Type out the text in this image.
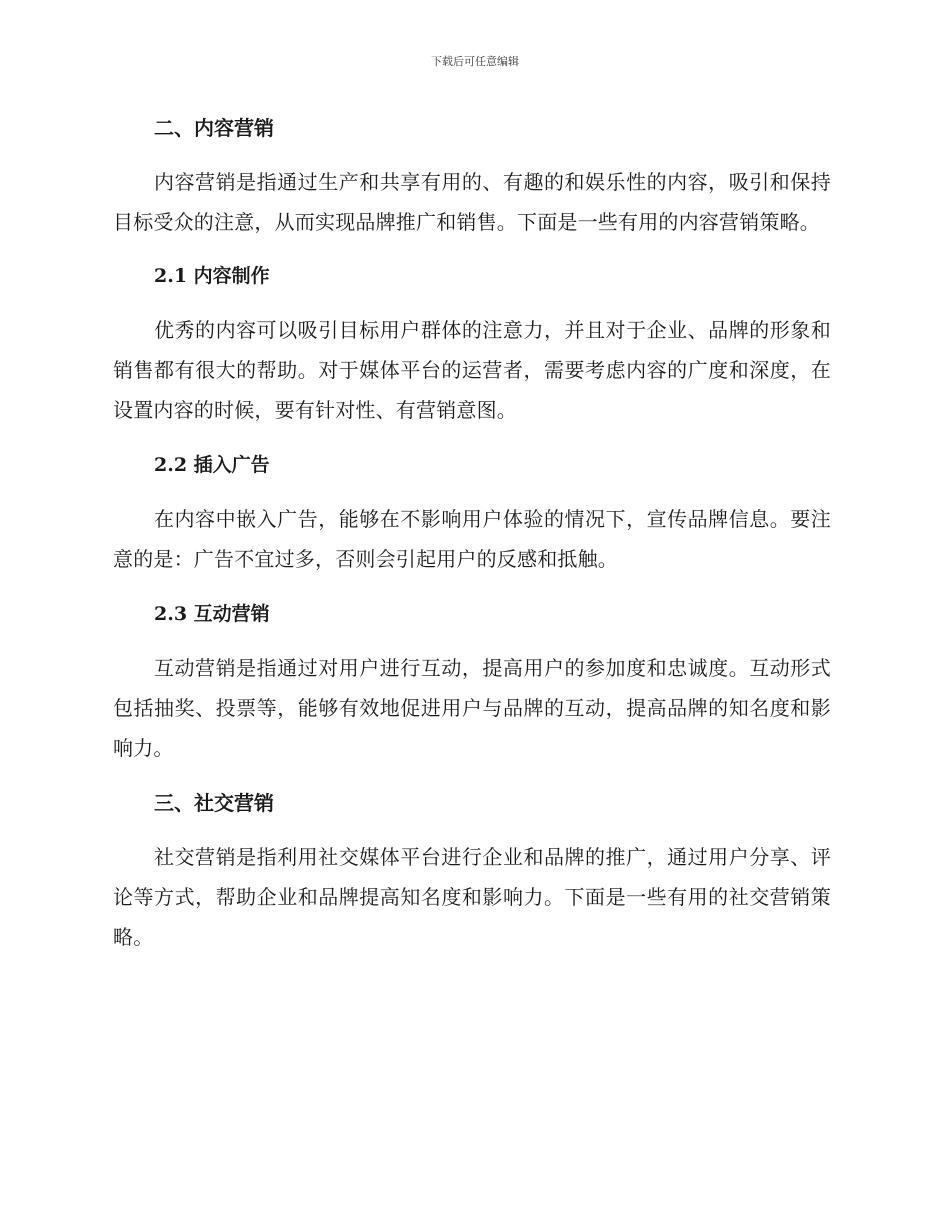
下载后可任意编辑
二、内容营销

内容营销是指通过生产和共享有用的、有趣的和娱乐性的内容，吸引和保持目标受众的注意，从而实现品牌推广和销售。下面是一些有用的内容营销策略。

2.1 内容制作

优秀的内容可以吸引目标用户群体的注意力，并且对于企业、品牌的形象和销售都有很大的帮助。对于媒体平台的运营者，需要考虑内容的广度和深度，在设置内容的时候，要有针对性、有营销意图。

2.2 插入广告

在内容中嵌入广告，能够在不影响用户体验的情况下，宣传品牌信息。要注意的是：广告不宜过多，否则会引起用户的反感和抵触。

2.3 互动营销

互动营销是指通过对用户进行互动，提高用户的参加度和忠诚度。互动形式包括抽奖、投票等，能够有效地促进用户与品牌的互动，提高品牌的知名度和影响力。

三、社交营销

社交营销是指利用社交媒体平台进行企业和品牌的推广，通过用户分享、评论等方式，帮助企业和品牌提高知名度和影响力。下面是一些有用的社交营销策略。
